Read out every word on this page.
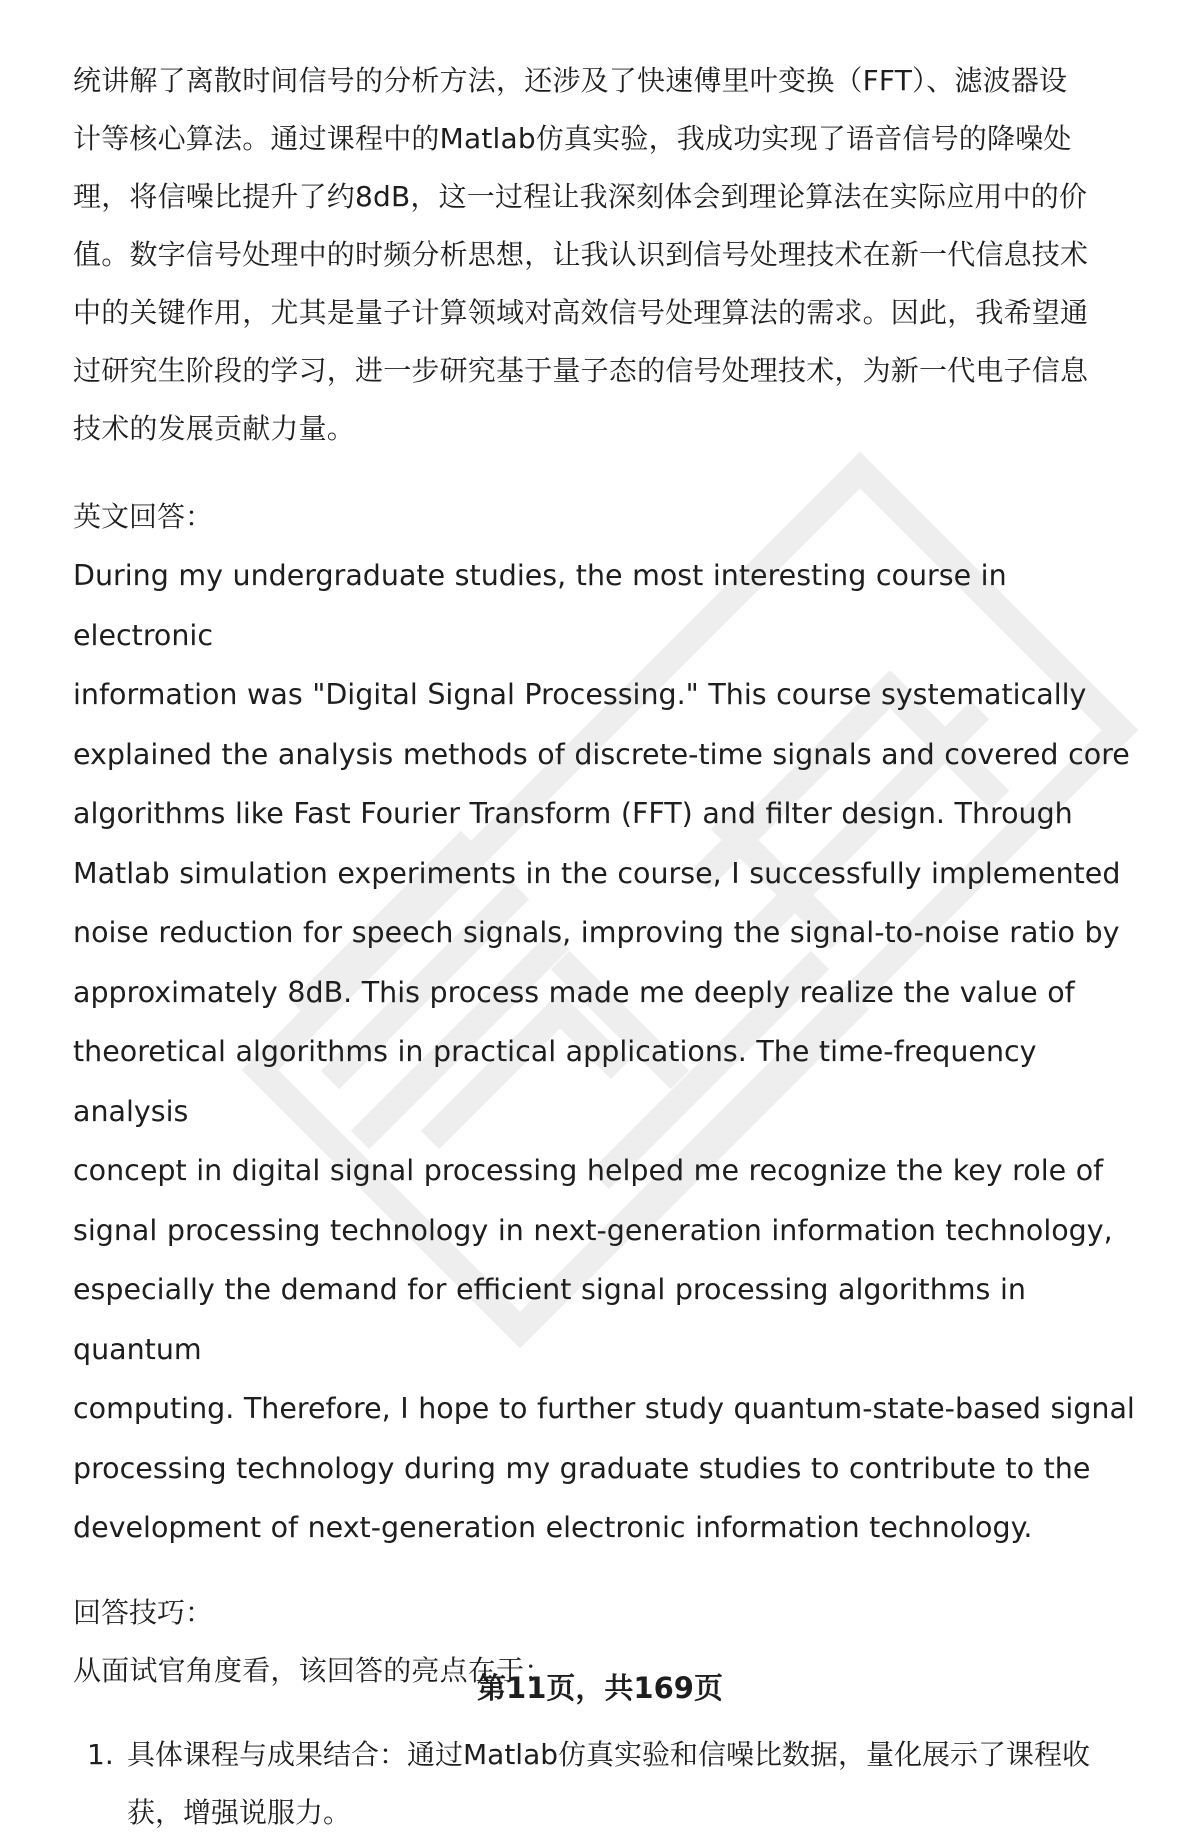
统讲解了离散时间信号的分析方法，还涉及了快速傅里叶变换（FFT）、滤波器设

计等核心算法。通过课程中的Matlab仿真实验，我成功实现了语音信号的降噪处

理，将信噪比提升了约8dB，这一过程让我深刻体会到理论算法在实际应用中的价

值。数字信号处理中的时频分析思想，让我认识到信号处理技术在新一代信息技术

中的关键作用，尤其是量子计算领域对高效信号处理算法的需求。因此，我希望通

过研究生阶段的学习，进一步研究基于量子态的信号处理技术，为新一代电子信息

技术的发展贡献力量。

英文回答：

During my undergraduate studies, the most interesting course in electronic

information was "Digital Signal Processing." This course systematically

explained the analysis methods of discrete-time signals and covered core

algorithms like Fast Fourier Transform (FFT) and filter design. Through

Matlab simulation experiments in the course, I successfully implemented

noise reduction for speech signals, improving the signal-to-noise ratio by

approximately 8dB. This process made me deeply realize the value of

theoretical algorithms in practical applications. The time-frequency analysis

concept in digital signal processing helped me recognize the key role of

signal processing technology in next-generation information technology,

especially the demand for efficient signal processing algorithms in quantum

computing. Therefore, I hope to further study quantum-state-based signal

processing technology during my graduate studies to contribute to the

development of next-generation electronic information technology.

回答技巧：

从面试官角度看，该回答的亮点在于：

1. 具体课程与成果结合：通过Matlab仿真实验和信噪比数据，量化展示了课程收
获，增强说服力。
第11页，共169页
